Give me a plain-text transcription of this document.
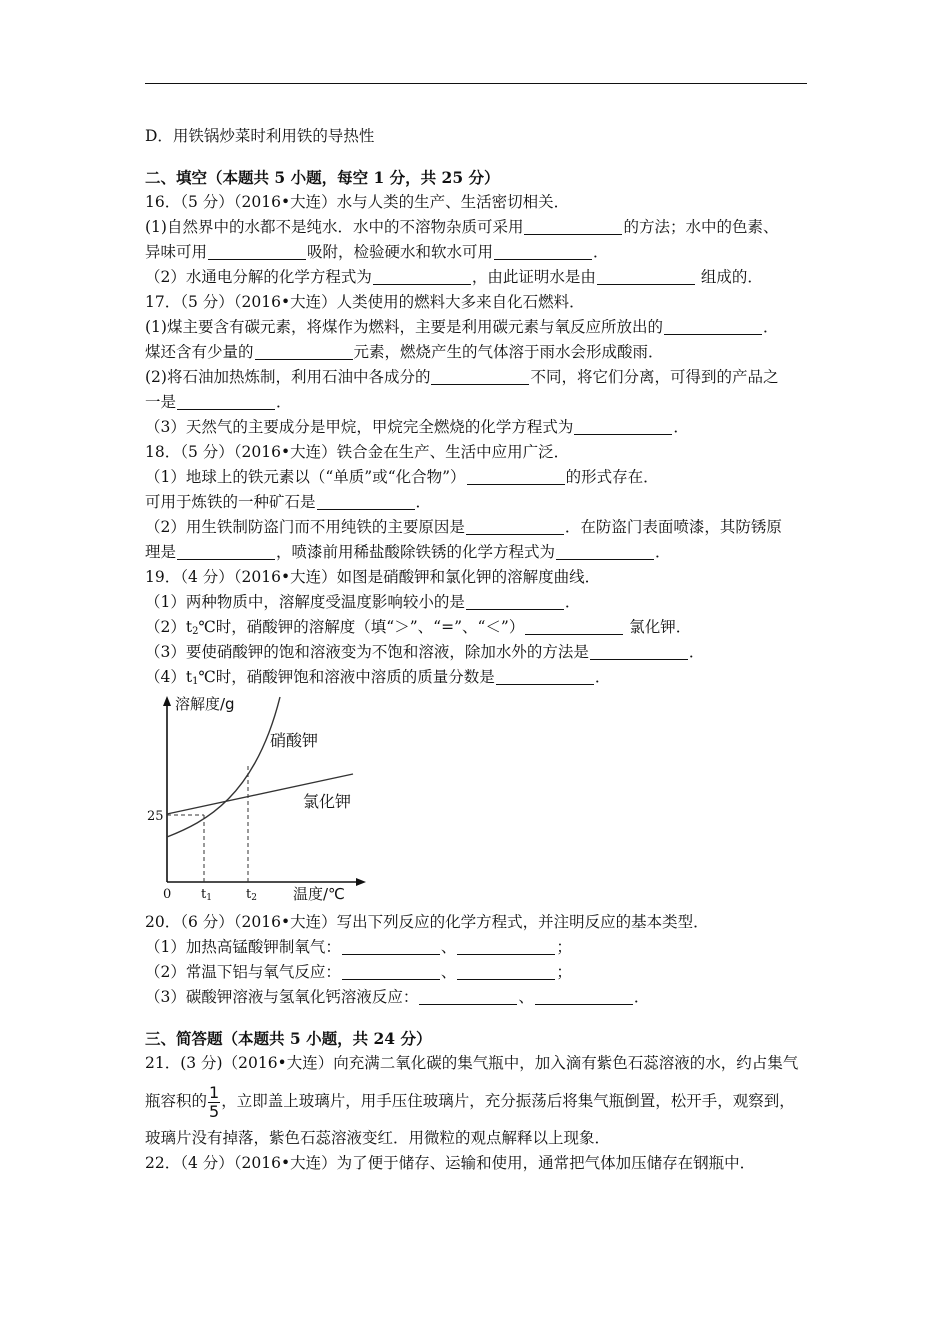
D．用铁锅炒菜时利用铁的导热性
二、填空（本题共 5 小题，每空 1 分，共 25 分）
16．（5 分）（2016•大连）水与人类的生产、生活密切相关．
(1)自然界中的水都不是纯水．水中的不溶物杂质可采用	的方法；水中的色素、
异味可用	吸附，检验硬水和软水可用	．
（2）水通电分解的化学方程式为	，由此证明水是由	组成的．
17．（5 分）（2016•大连）人类使用的燃料大多来自化石燃料．
(1)煤主要含有碳元素，将煤作为燃料，主要是利用碳元素与氧反应所放出的	．
煤还含有少量的	元素，燃烧产生的气体溶于雨水会形成酸雨．
(2)将石油加热炼制，利用石油中各成分的	不同，将它们分离，可得到的产品之
一是	．
（3）天然气的主要成分是甲烷，甲烷完全燃烧的化学方程式为	．
18．（5 分）（2016•大连）铁合金在生产、生活中应用广泛．
（1）地球上的铁元素以（“单质”或“化合物”）	的形式存在．
可用于炼铁的一种矿石是	．
（2）用生铁制防盗门而不用纯铁的主要原因是	．在防盗门表面喷漆，其防锈原
理是	，喷漆前用稀盐酸除铁锈的化学方程式为	．
19．（4 分）（2016•大连）如图是硝酸钾和氯化钾的溶解度曲线．
（1）两种物质中，溶解度受温度影响较小的是	．
$(2)t_2℃$时，硝酸钾的溶解度（填“＞”、“=”、“＜”）	氯化钾．
（3）要使硝酸钾的饱和溶液变为不饱和溶液，除加水外的方法是	．
$(4)t_1℃$时，硝酸钾饱和溶液中溶质的质量分数是	．
溶解度/g
温度/℃
0
25
t1	t2
硝酸钾
氯化钾
20．（6 分）（2016•大连）写出下列反应的化学方程式，并注明反应的基本类型．
（1）加热高锰酸钾制氧气：	、	；
（2）常温下铝与氧气反应：	、	；
（3）碳酸钾溶液与氢氧化钙溶液反应：	、	．
三、简答题（本题共 5 小题，共 24 分）
21．(3 分)（2016•大连）向充满二氧化碳的集气瓶中，加入滴有紫色石蕊溶液的水，约占集气
瓶容积的 $\frac{1}{5}$ ，立即盖上玻璃片，用手压住玻璃片，充分振荡后将集气瓶倒置，松开手，观察到，
玻璃片没有掉落，紫色石蕊溶液变红．用微粒的观点解释以上现象．
22．（4 分）（2016•大连）为了便于储存、运输和使用，通常把气体加压储存在钢瓶中．
